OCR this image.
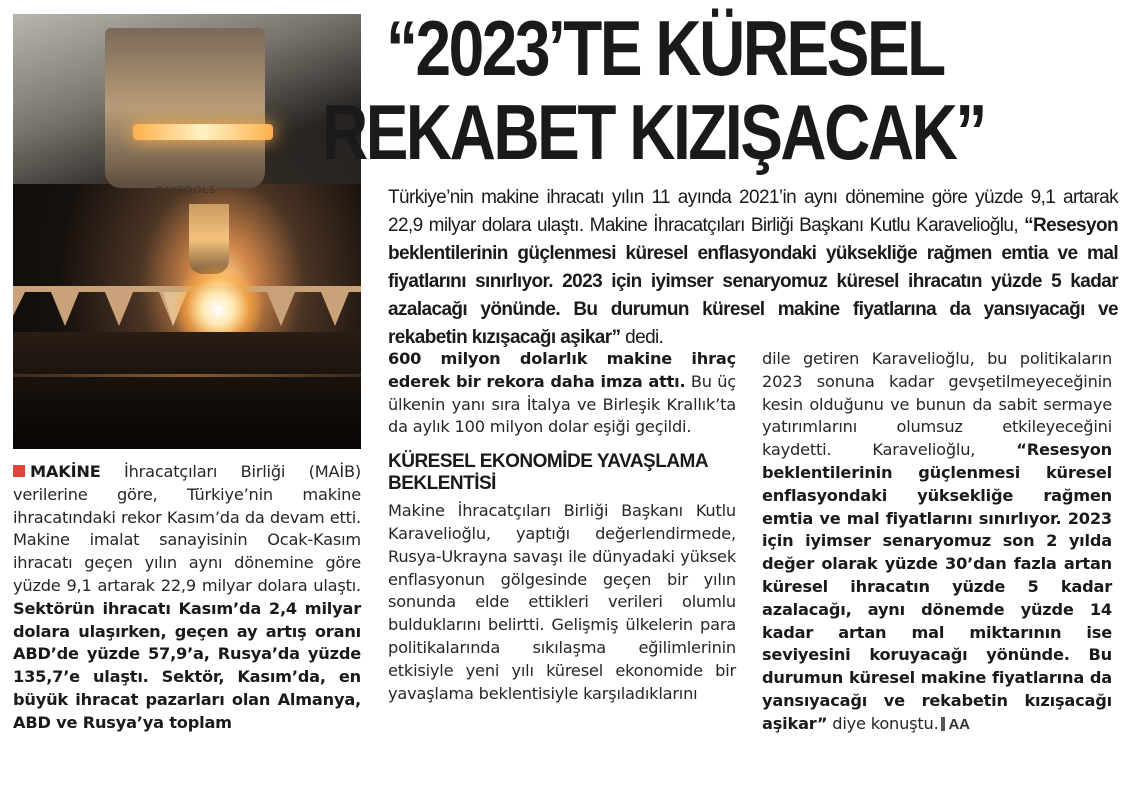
RAYTOOLS
“2023’TE KÜRESEL
REKABET KIZIŞACAK”
Türkiye’nin makine ihracatı yılın 11 ayında 2021’in aynı dönemine göre yüzde 9,1 artarak 22,9 milyar dolara ulaştı. Makine İhracatçıları Birliği Başkanı Kutlu Karavelioğlu, “Resesyon beklentilerinin güçlenmesi küresel enflasyondaki yüksekliğe rağmen emtia ve mal fiyatlarını sınırlıyor. 2023 için iyimser senaryomuz küresel ihracatın yüzde 5 kadar azalacağı yönünde. Bu durumun küresel makine fiyatlarına da yansıyacağı ve rekabetin kızışacağı aşikar” dedi.
MAKİNE İhracatçıları Birliği (MAİB) verilerine göre, Türkiye’nin makine ihracatındaki rekor Kasım’da da devam etti. Makine imalat sanayisinin Ocak-Kasım ihracatı geçen yılın aynı dönemine göre yüzde 9,1 artarak 22,9 milyar dolara ulaştı. Sektörün ihracatı Kasım’da 2,4 milyar dolara ulaşırken, geçen ay artış oranı ABD’de yüzde 57,9’a, Rusya’da yüzde 135,7’e ulaştı. Sektör, Kasım’da, en büyük ihracat pazarları olan Almanya, ABD ve Rusya’ya toplam
600 milyon dolarlık makine ihraç ederek bir rekora daha imza attı. Bu üç ülkenin yanı sıra İtalya ve Birleşik Krallık’ta da aylık 100 milyon dolar eşiği geçildi.
KÜRESEL EKONOMİDE YAVAŞLAMA BEKLENTİSİ
Makine İhracatçıları Birliği Başkanı Kutlu Karavelioğlu, yaptığı değerlendirmede, Rusya-Ukrayna savaşı ile dünyadaki yüksek enflasyonun gölgesinde geçen bir yılın sonunda elde ettikleri verileri olumlu bulduklarını belirtti. Gelişmiş ülkelerin para politikalarında sıkılaşma eğilimlerinin etkisiyle yeni yılı küresel ekonomide bir yavaşlama beklentisiyle karşıladıklarını
dile getiren Karavelioğlu, bu politikaların 2023 sonuna kadar gevşetilmeyeceğinin kesin olduğunu ve bunun da sabit sermaye yatırımlarını olumsuz etkileyeceğini kaydetti. Karavelioğlu, “Resesyon beklentilerinin güçlenmesi küresel enflasyondaki yüksekliğe rağmen emtia ve mal fiyatlarını sınırlıyor. 2023 için iyimser senaryomuz son 2 yılda değer olarak yüzde 30’dan fazla artan küresel ihracatın yüzde 5 kadar azalacağı, aynı dönemde yüzde 14 kadar artan mal miktarının ise seviyesini koruyacağı yönünde. Bu durumun küresel makine fiyatlarına da yansıyacağı ve rekabetin kızışacağı aşikar” diye konuştu. AA
